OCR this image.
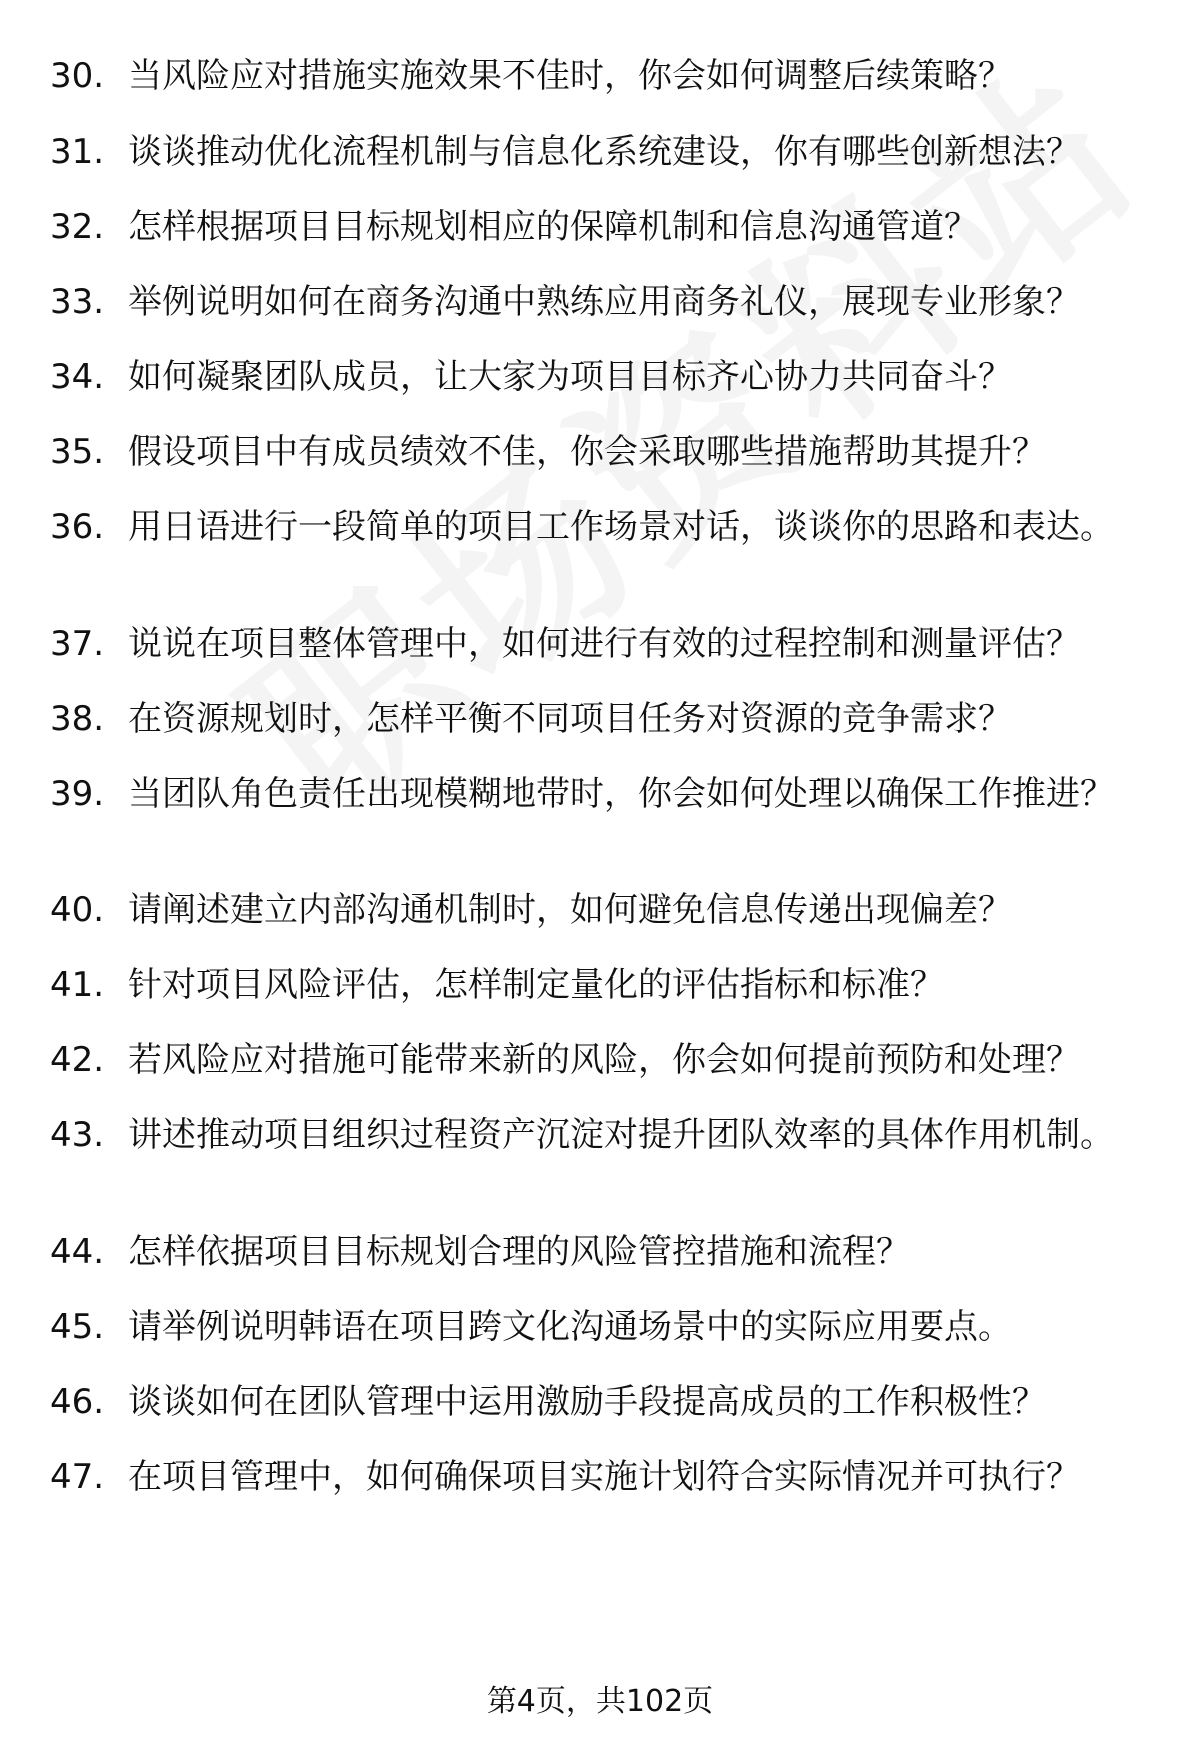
30. 当风险应对措施实施效果不佳时，你会如何调整后续策略？
31. 谈谈推动优化流程机制与信息化系统建设，你有哪些创新想法？
32. 怎样根据项目目标规划相应的保障机制和信息沟通管道？
33. 举例说明如何在商务沟通中熟练应用商务礼仪，展现专业形象？
34. 如何凝聚团队成员，让大家为项目目标齐心协力共同奋斗？
35. 假设项目中有成员绩效不佳，你会采取哪些措施帮助其提升？
36. 用日语进行一段简单的项目工作场景对话，谈谈你的思路和表达。
37. 说说在项目整体管理中，如何进行有效的过程控制和测量评估？
38. 在资源规划时，怎样平衡不同项目任务对资源的竞争需求？
39. 当团队角色责任出现模糊地带时，你会如何处理以确保工作推进？
40. 请阐述建立内部沟通机制时，如何避免信息传递出现偏差？
41. 针对项目风险评估，怎样制定量化的评估指标和标准？
42. 若风险应对措施可能带来新的风险，你会如何提前预防和处理？
43. 讲述推动项目组织过程资产沉淀对提升团队效率的具体作用机制。
44. 怎样依据项目目标规划合理的风险管控措施和流程？
45. 请举例说明韩语在项目跨文化沟通场景中的实际应用要点。
46. 谈谈如何在团队管理中运用激励手段提高成员的工作积极性？
47. 在项目管理中，如何确保项目实施计划符合实际情况并可执行？
第4页，共102页
